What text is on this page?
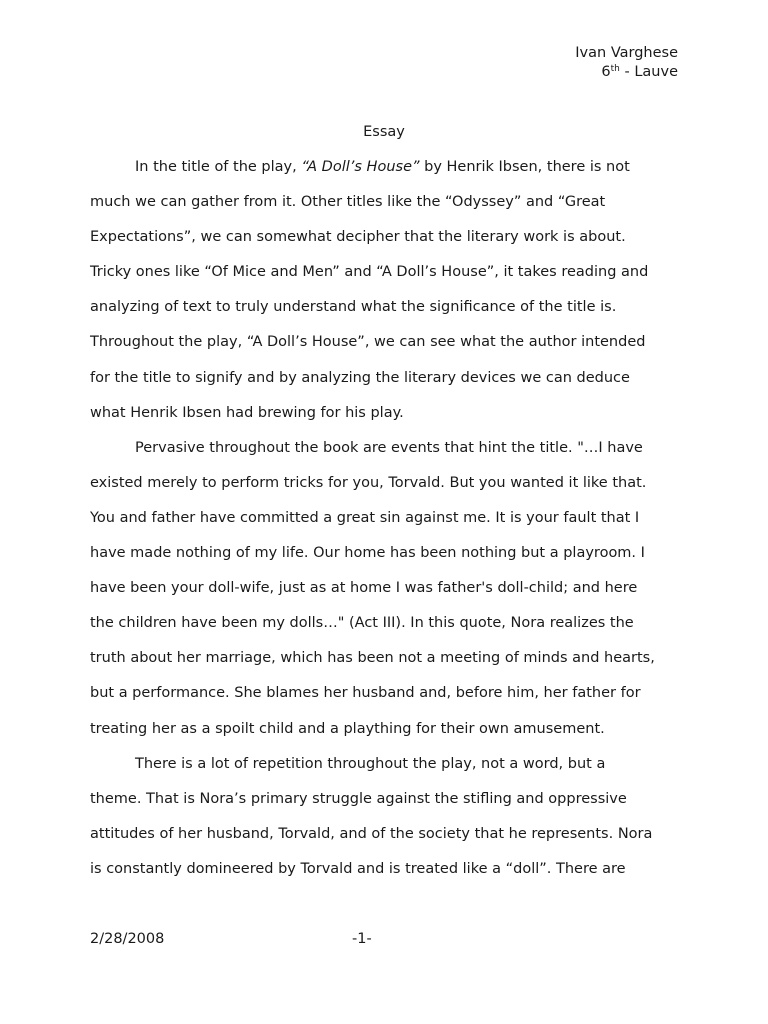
Ivan Varghese
6th - Lauve
Essay
In the title of the play, “A Doll’s House” by Henrik Ibsen, there is not
much we can gather from it. Other titles like the “Odyssey” and “Great
Expectations”, we can somewhat decipher that the literary work is about.
Tricky ones like “Of Mice and Men” and “A Doll’s House”, it takes reading and
analyzing of text to truly understand what the significance of the title is.
Throughout the play, “A Doll’s House”, we can see what the author intended
for the title to signify and by analyzing the literary devices we can deduce
what Henrik Ibsen had brewing for his play.
Pervasive throughout the book are events that hint the title. "…I have
existed merely to perform tricks for you, Torvald. But you wanted it like that.
You and father have committed a great sin against me. It is your fault that I
have made nothing of my life. Our home has been nothing but a playroom. I
have been your doll-wife, just as at home I was father's doll-child; and here
the children have been my dolls…" (Act III). In this quote, Nora realizes the
truth about her marriage, which has been not a meeting of minds and hearts,
but a performance. She blames her husband and, before him, her father for
treating her as a spoilt child and a plaything for their own amusement.
There is a lot of repetition throughout the play, not a word, but a
theme. That is Nora’s primary struggle against the stifling and oppressive
attitudes of her husband, Torvald, and of the society that he represents. Nora
is constantly domineered by Torvald and is treated like a “doll”. There are
2/28/2008	-1-
